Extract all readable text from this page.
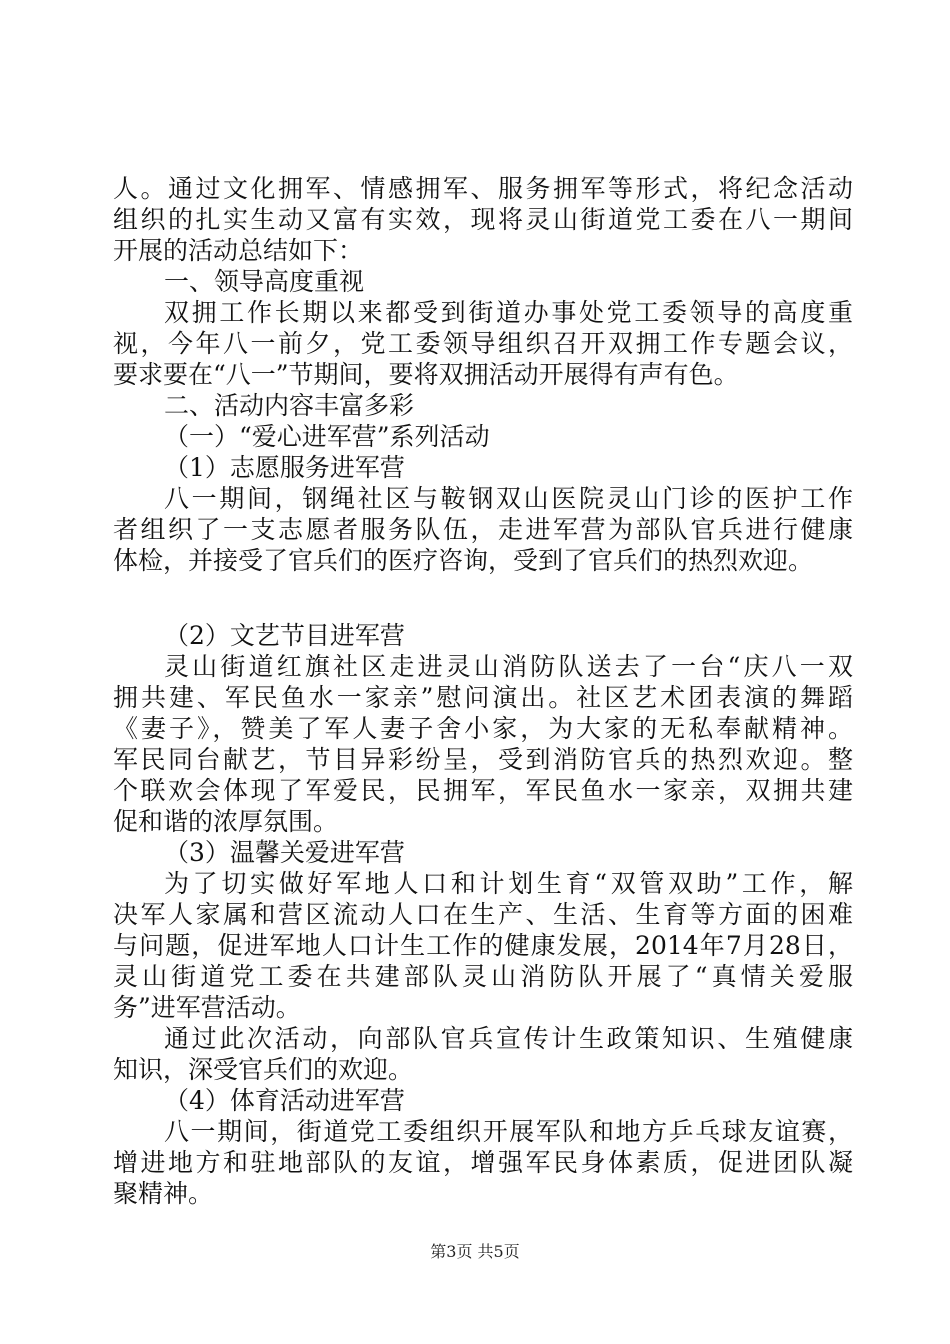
人。通过文化拥军、情感拥军、服务拥军等形式，将纪念活动
组织的扎实生动又富有实效，现将灵山街道党工委在八一期间
开展的活动总结如下：
一、领导高度重视
双拥工作长期以来都受到街道办事处党工委领导的高度重
视，今年八一前夕，党工委领导组织召开双拥工作专题会议，
要求要在“八一”节期间，要将双拥活动开展得有声有色。
二、活动内容丰富多彩
（一）“爱心进军营”系列活动
（1）志愿服务进军营
八一期间，钢绳社区与鞍钢双山医院灵山门诊的医护工作
者组织了一支志愿者服务队伍，走进军营为部队官兵进行健康
体检，并接受了官兵们的医疗咨询，受到了官兵们的热烈欢迎。
（2）文艺节目进军营
灵山街道红旗社区走进灵山消防队送去了一台“庆八一双
拥共建、军民鱼水一家亲”慰问演出。社区艺术团表演的舞蹈
《妻子》，赞美了军人妻子舍小家，为大家的无私奉献精神。
军民同台献艺，节目异彩纷呈，受到消防官兵的热烈欢迎。整
个联欢会体现了军爱民，民拥军，军民鱼水一家亲，双拥共建
促和谐的浓厚氛围。
（3）温馨关爱进军营
为了切实做好军地人口和计划生育“双管双助”工作，解
决军人家属和营区流动人口在生产、生活、生育等方面的困难
与问题，促进军地人口计生工作的健康发展，2014年7月28日，
灵山街道党工委在共建部队灵山消防队开展了“真情关爱服
务”进军营活动。
通过此次活动，向部队官兵宣传计生政策知识、生殖健康
知识，深受官兵们的欢迎。
（4）体育活动进军营
八一期间，街道党工委组织开展军队和地方乒乓球友谊赛，
增进地方和驻地部队的友谊，增强军民身体素质，促进团队凝
聚精神。
第3页 共5页
